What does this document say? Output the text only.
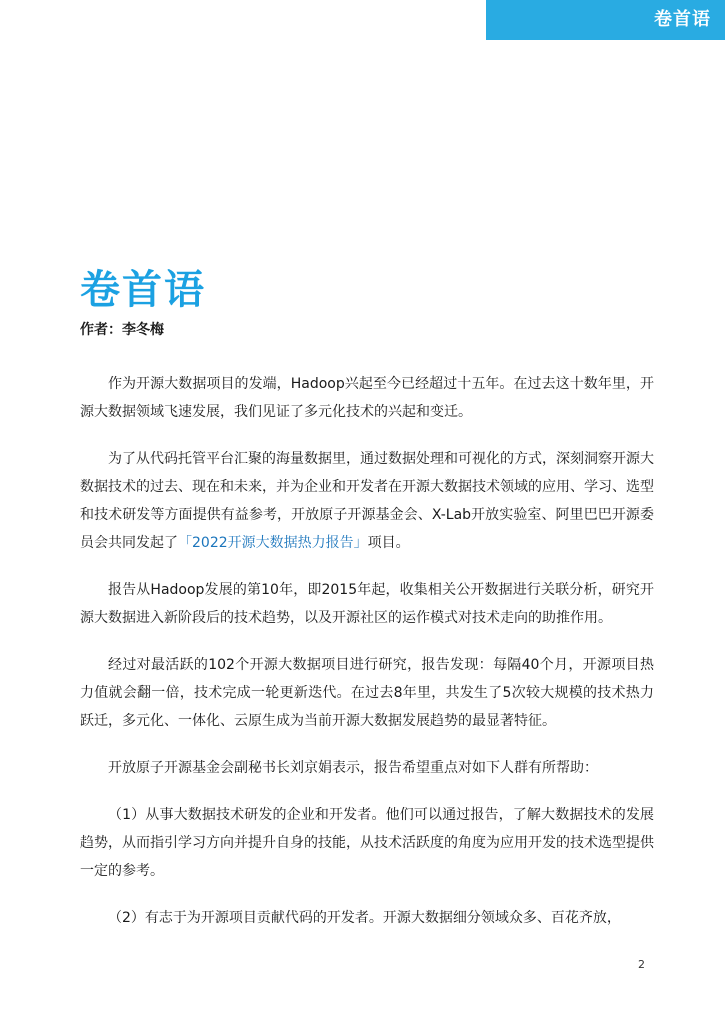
卷首语
卷首语
作者：李冬梅

作为开源大数据项目的发端，Hadoop兴起至今已经超过十五年。在过去这十数年里，开源大数据领域飞速发展，我们见证了多元化技术的兴起和变迁。

为了从代码托管平台汇聚的海量数据里，通过数据处理和可视化的方式，深刻洞察开源大数据技术的过去、现在和未来，并为企业和开发者在开源大数据技术领域的应用、学习、选型和技术研发等方面提供有益参考，开放原子开源基金会、X-Lab开放实验室、阿里巴巴开源委员会共同发起了「2022开源大数据热力报告」项目。

报告从Hadoop发展的第10年，即2015年起，收集相关公开数据进行关联分析，研究开源大数据进入新阶段后的技术趋势，以及开源社区的运作模式对技术走向的助推作用。

经过对最活跃的102个开源大数据项目进行研究，报告发现：每隔40个月，开源项目热力值就会翻一倍，技术完成一轮更新迭代。在过去8年里，共发生了5次较大规模的技术热力跃迁，多元化、一体化、云原生成为当前开源大数据发展趋势的最显著特征。

开放原子开源基金会副秘书长刘京娟表示，报告希望重点对如下人群有所帮助：

（1）从事大数据技术研发的企业和开发者。他们可以通过报告，了解大数据技术的发展趋势，从而指引学习方向并提升自身的技能，从技术活跃度的角度为应用开发的技术选型提供一定的参考。

（2）有志于为开源项目贡献代码的开发者。开源大数据细分领域众多、百花齐放，

2
